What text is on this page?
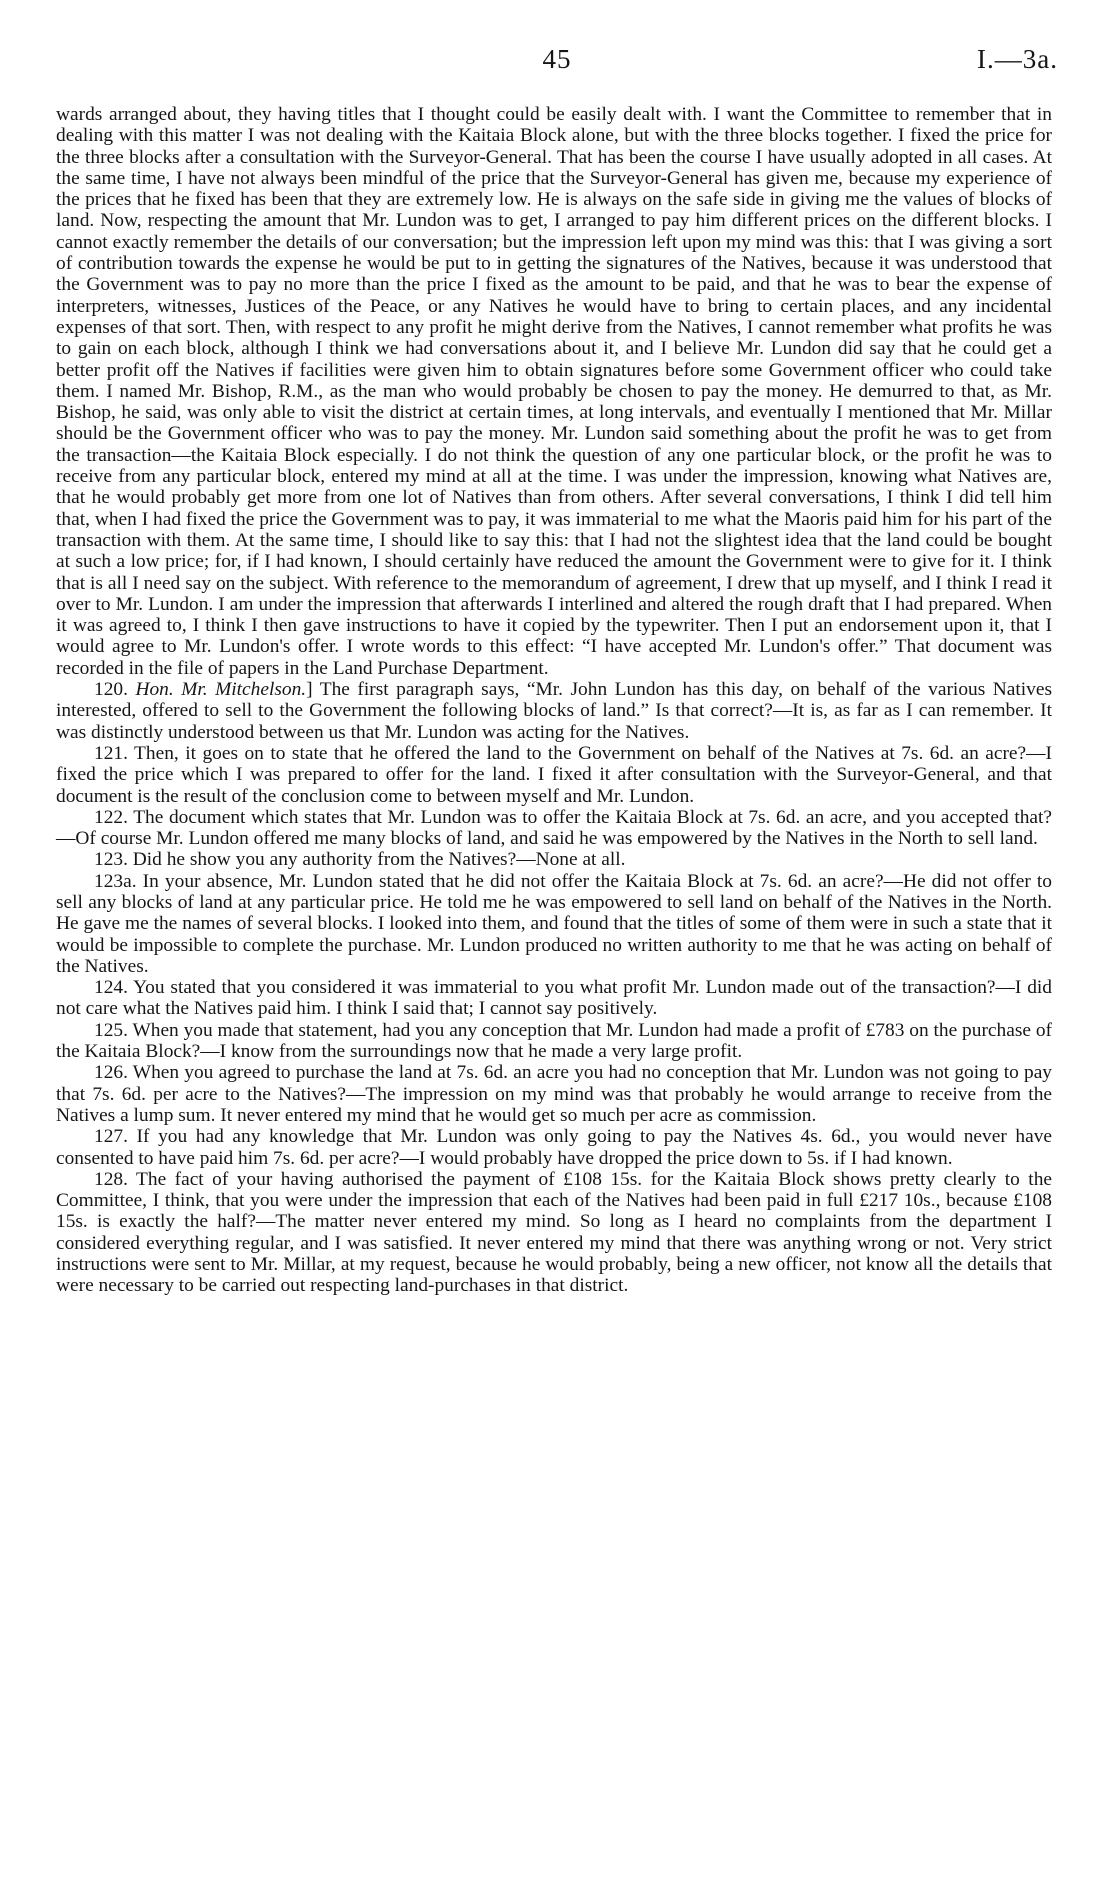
45	I.—3a.

wards arranged about, they having titles that I thought could be easily dealt with. I want the Committee to remember that in dealing with this matter I was not dealing with the Kaitaia Block alone, but with the three blocks together. I fixed the price for the three blocks after a consultation with the Surveyor-General. That has been the course I have usually adopted in all cases. At the same time, I have not always been mindful of the price that the Surveyor-General has given me, because my experience of the prices that he fixed has been that they are extremely low. He is always on the safe side in giving me the values of blocks of land. Now, respecting the amount that Mr. Lundon was to get, I arranged to pay him different prices on the different blocks. I cannot exactly remember the details of our conversation; but the impression left upon my mind was this: that I was giving a sort of contribution towards the expense he would be put to in getting the signatures of the Natives, because it was understood that the Government was to pay no more than the price I fixed as the amount to be paid, and that he was to bear the expense of interpreters, witnesses, Justices of the Peace, or any Natives he would have to bring to certain places, and any incidental expenses of that sort. Then, with respect to any profit he might derive from the Natives, I cannot remember what profits he was to gain on each block, although I think we had conversations about it, and I believe Mr. Lundon did say that he could get a better profit off the Natives if facilities were given him to obtain signatures before some Government officer who could take them. I named Mr. Bishop, R.M., as the man who would probably be chosen to pay the money. He demurred to that, as Mr. Bishop, he said, was only able to visit the district at certain times, at long intervals, and eventually I mentioned that Mr. Millar should be the Government officer who was to pay the money. Mr. Lundon said something about the profit he was to get from the transaction—the Kaitaia Block especially. I do not think the question of any one particular block, or the profit he was to receive from any particular block, entered my mind at all at the time. I was under the impression, knowing what Natives are, that he would probably get more from one lot of Natives than from others. After several conversations, I think I did tell him that, when I had fixed the price the Government was to pay, it was immaterial to me what the Maoris paid him for his part of the transaction with them. At the same time, I should like to say this: that I had not the slightest idea that the land could be bought at such a low price; for, if I had known, I should certainly have reduced the amount the Government were to give for it. I think that is all I need say on the subject. With reference to the memorandum of agreement, I drew that up myself, and I think I read it over to Mr. Lundon. I am under the impression that afterwards I interlined and altered the rough draft that I had prepared. When it was agreed to, I think I then gave instructions to have it copied by the typewriter. Then I put an endorsement upon it, that I would agree to Mr. Lundon's offer. I wrote words to this effect: “I have accepted Mr. Lundon's offer.” That document was recorded in the file of papers in the Land Purchase Department.

120. Hon. Mr. Mitchelson.] The first paragraph says, “Mr. John Lundon has this day, on behalf of the various Natives interested, offered to sell to the Government the following blocks of land.” Is that correct?—It is, as far as I can remember. It was distinctly understood between us that Mr. Lundon was acting for the Natives.

121. Then, it goes on to state that he offered the land to the Government on behalf of the Natives at 7s. 6d. an acre?—I fixed the price which I was prepared to offer for the land. I fixed it after consultation with the Surveyor-General, and that document is the result of the conclusion come to between myself and Mr. Lundon.

122. The document which states that Mr. Lundon was to offer the Kaitaia Block at 7s. 6d. an acre, and you accepted that?—Of course Mr. Lundon offered me many blocks of land, and said he was empowered by the Natives in the North to sell land.

123. Did he show you any authority from the Natives?—None at all.

123a. In your absence, Mr. Lundon stated that he did not offer the Kaitaia Block at 7s. 6d. an acre?—He did not offer to sell any blocks of land at any particular price. He told me he was empowered to sell land on behalf of the Natives in the North. He gave me the names of several blocks. I looked into them, and found that the titles of some of them were in such a state that it would be impossible to complete the purchase. Mr. Lundon produced no written authority to me that he was acting on behalf of the Natives.

124. You stated that you considered it was immaterial to you what profit Mr. Lundon made out of the transaction?—I did not care what the Natives paid him. I think I said that; I cannot say positively.

125. When you made that statement, had you any conception that Mr. Lundon had made a profit of £783 on the purchase of the Kaitaia Block?—I know from the surroundings now that he made a very large profit.

126. When you agreed to purchase the land at 7s. 6d. an acre you had no conception that Mr. Lundon was not going to pay that 7s. 6d. per acre to the Natives?—The impression on my mind was that probably he would arrange to receive from the Natives a lump sum. It never entered my mind that he would get so much per acre as commission.

127. If you had any knowledge that Mr. Lundon was only going to pay the Natives 4s. 6d., you would never have consented to have paid him 7s. 6d. per acre?—I would probably have dropped the price down to 5s. if I had known.

128. The fact of your having authorised the payment of £108 15s. for the Kaitaia Block shows pretty clearly to the Committee, I think, that you were under the impression that each of the Natives had been paid in full £217 10s., because £108 15s. is exactly the half?—The matter never entered my mind. So long as I heard no complaints from the department I considered everything regular, and I was satisfied. It never entered my mind that there was anything wrong or not. Very strict instructions were sent to Mr. Millar, at my request, because he would probably, being a new officer, not know all the details that were necessary to be carried out respecting land-purchases in that district.
